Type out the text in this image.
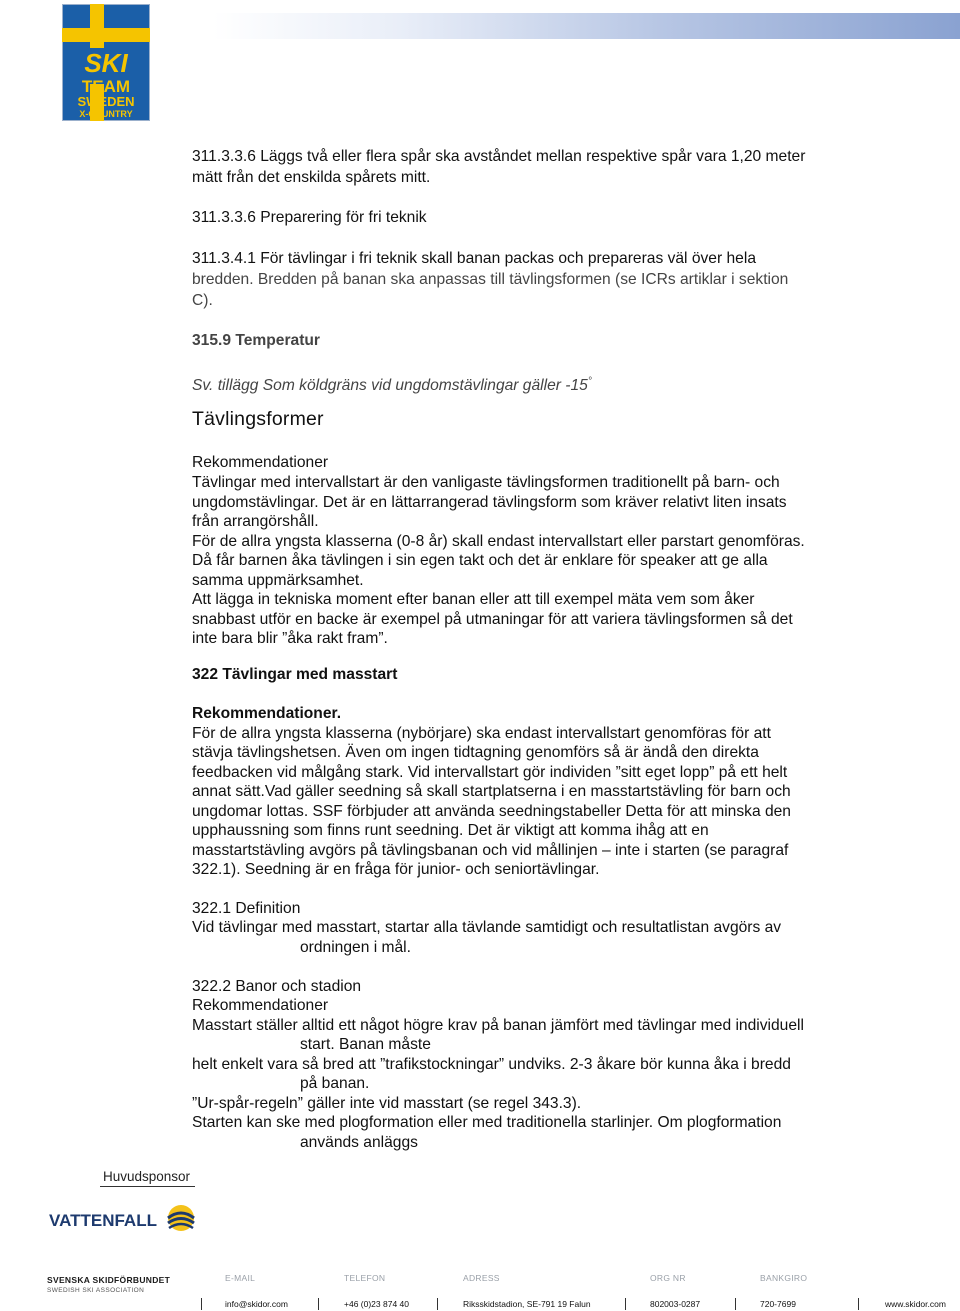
SKI
TEAM
SWEDEN
X-COUNTRY
311.3.3.6 Läggs två eller flera spår ska avståndet mellan respektive spår vara 1,20 meter
mätt från det enskilda spårets mitt.
311.3.3.6 Preparering för fri teknik
311.3.4.1 För tävlingar i fri teknik skall banan packas och prepareras väl över hela
bredden. Bredden på banan ska anpassas till tävlingsformen (se ICRs artiklar i sektion
C).
315.9 Temperatur
Sv. tillägg Som köldgräns vid ungdomstävlingar gäller -15°
Tävlingsformer
Rekommendationer
Tävlingar med intervallstart är den vanligaste tävlingsformen traditionellt på barn- och
ungdomstävlingar. Det är en lättarrangerad tävlingsform som kräver relativt liten insats
från arrangörshåll.
För de allra yngsta klasserna (0-8 år) skall endast intervallstart eller parstart genomföras.
Då får barnen åka tävlingen i sin egen takt och det är enklare för speaker att ge alla
samma uppmärksamhet.
Att lägga in tekniska moment efter banan eller att till exempel mäta vem som åker
snabbast utför en backe är exempel på utmaningar för att variera tävlingsformen så det
inte bara blir ”åka rakt fram”.
322 Tävlingar med masstart
Rekommendationer.
För de allra yngsta klasserna (nybörjare) ska endast intervallstart genomföras för att
stävja tävlingshetsen. Även om ingen tidtagning genomförs så är ändå den direkta
feedbacken vid målgång stark. Vid intervallstart gör individen ”sitt eget lopp” på ett helt
annat sätt.Vad gäller seedning så skall startplatserna i en masstartstävling för barn och
ungdomar lottas. SSF förbjuder att använda seedningstabeller Detta för att minska den
upphaussning som finns runt seedning. Det är viktigt att komma ihåg att en
masstartstävling avgörs på tävlingsbanan och vid mållinjen – inte i starten (se paragraf
322.1). Seedning är en fråga för junior- och seniortävlingar.
322.1 Definition
Vid tävlingar med masstart, startar alla tävlande samtidigt och resultatlistan avgörs av
ordningen i mål.
322.2 Banor och stadion
Rekommendationer
Masstart ställer alltid ett något högre krav på banan jämfört med tävlingar med individuell
start. Banan måste
helt enkelt vara så bred att ”trafikstockningar” undviks. 2-3 åkare bör kunna åka i bredd
på banan.
”Ur-spår-regeln” gäller inte vid masstart (se regel 343.3).
Starten kan ske med plogformation eller med traditionella starlinjer. Om plogformation
används anläggs
Huvudsponsor
VATTENFALL
SVENSKA SKIDFÖRBUNDET
SWEDISH SKI ASSOCIATION
E-MAIL	TELEFON	ADRESS	ORG NR	BANKGIRO
info@skidor.com	+46 (0)23 874 40	Riksskidstadion, SE-791 19 Falun	802003-0287	720-7699	www.skidor.com
